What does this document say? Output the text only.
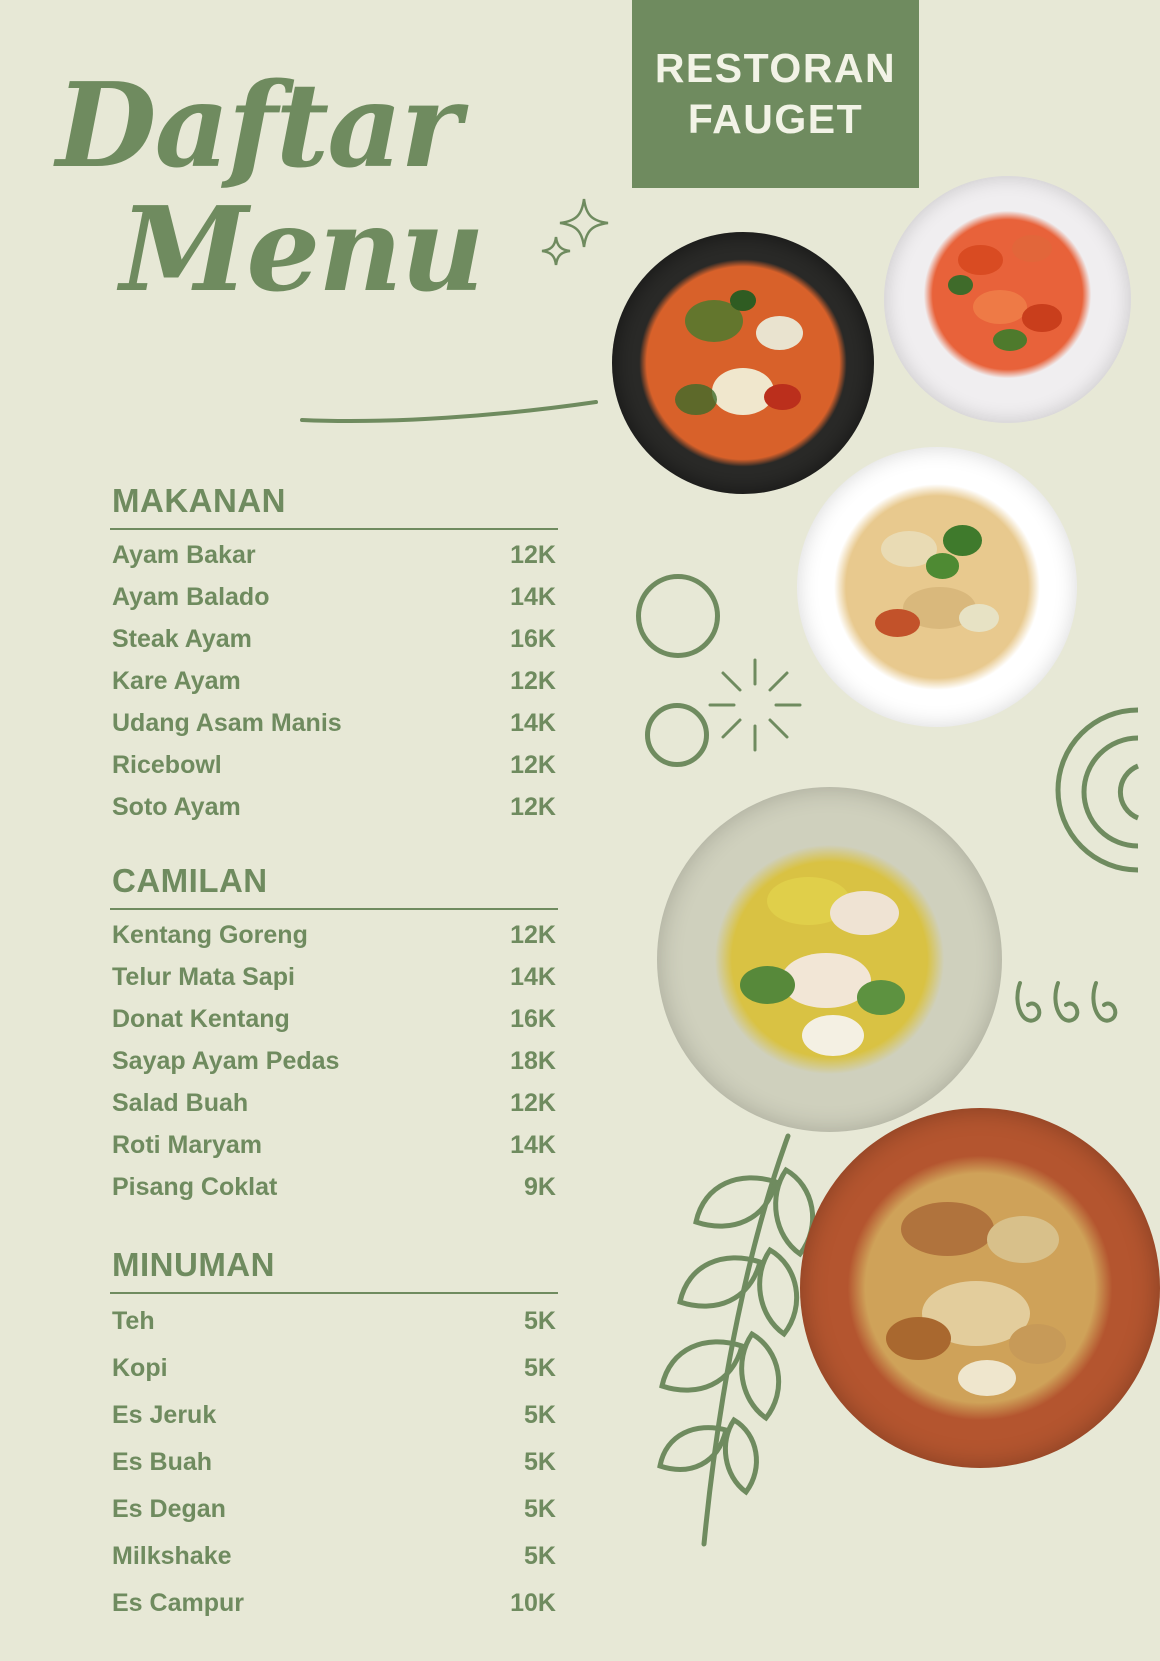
RESTORAN
FAUGET
Daftar
Menu
MAKANAN
Ayam Bakar	12K
Ayam Balado	14K
Steak Ayam	16K
Kare Ayam	12K
Udang Asam Manis	14K
Ricebowl	12K
Soto Ayam	12K
CAMILAN
Kentang Goreng	12K
Telur Mata Sapi	14K
Donat Kentang	16K
Sayap Ayam Pedas	18K
Salad Buah	12K
Roti Maryam	14K
Pisang Coklat	9K
MINUMAN
Teh	5K
Kopi	5K
Es Jeruk	5K
Es Buah	5K
Es Degan	5K
Milkshake	5K
Es Campur	10K
